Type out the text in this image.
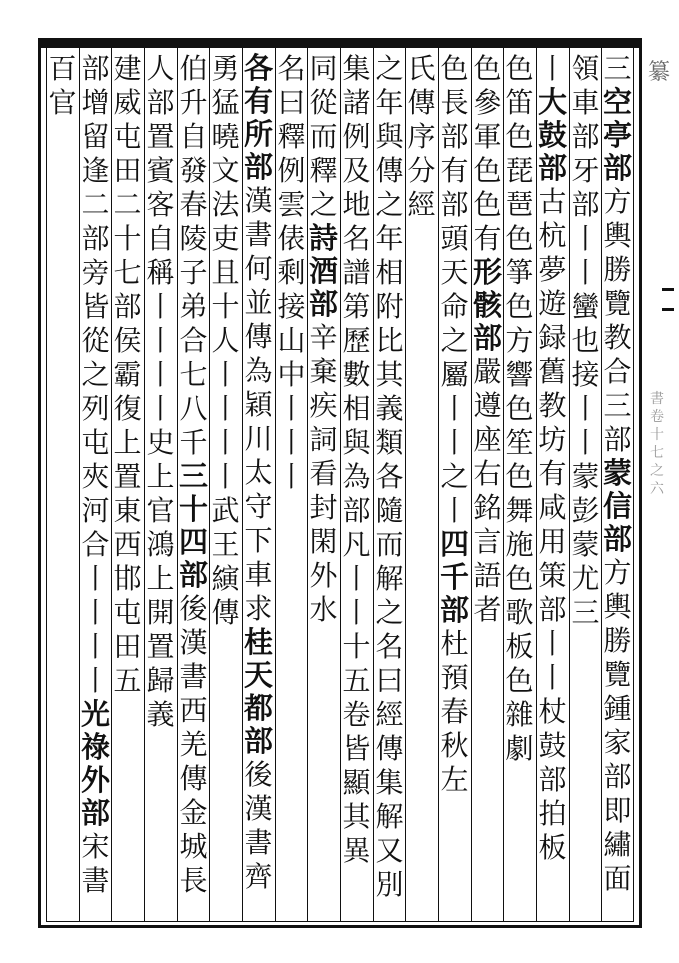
三
空
亭
部
方
輿
勝
覽
教
合
三
部
蒙
信
部
方
輿
勝
覽
鍾
家
部
即
繡
面
領
車
部
牙
部
丨
丨
蠻
也
接
丨
丨
蒙
彭
蒙
尤
三
丨
大
鼓
部
古
杭
夢
遊
録
舊
教
坊
有
咸
用
策
部
丨
丨
杖
鼓
部
拍
板
色
笛
色
琵
琶
色
箏
色
方
響
色
笙
色
舞
施
色
歌
板
色
雜
劇
色
參
軍
色
色
有
形
骸
部
嚴
遵
座
右
銘
言
語
者
色
長
部
有
部
頭
天
命
之
屬
丨
丨
之
丨
四
千
部
杜
預
春
秋
左
氏
傳
序
分
經
之
年
與
傳
之
年
相
附
比
其
義
類
各
隨
而
解
之
名
曰
經
傳
集
解
又
別
集
諸
例
及
地
名
譜
第
歷
數
相
與
為
部
凡
丨
丨
十
五
卷
皆
顯
其
異
同
從
而
釋
之
詩
酒
部
辛
棄
疾
詞
看
封
閑
外
水
名
曰
釋
例
雲
俵
剩
接
山
中
丨
丨
丨
各
有
所
部
漢
書
何
並
傳
為
穎
川
太
守
下
車
求
桂
天
都
部
後
漢
書
齊
勇
猛
曉
文
法
吏
且
十
人
丨
丨
丨
丨
武
王
縯
傳
伯
升
自
發
春
陵
子
弟
合
七
八
千
三
十
四
部
後
漢
書
西
羌
傳
金
城
長
人
部
置
賓
客
自
稱
丨
丨
丨
丨
史
上
官
鴻
上
開
置
歸
義
建
威
屯
田
二
十
七
部
侯
霸
復
上
置
東
西
邯
屯
田
五
部
增
留
逢
二
部
旁
皆
從
之
列
屯
夾
河
合
丨
丨
丨
丨
光
祿
外
部
宋
書
百
官
纂
書卷十七之六
